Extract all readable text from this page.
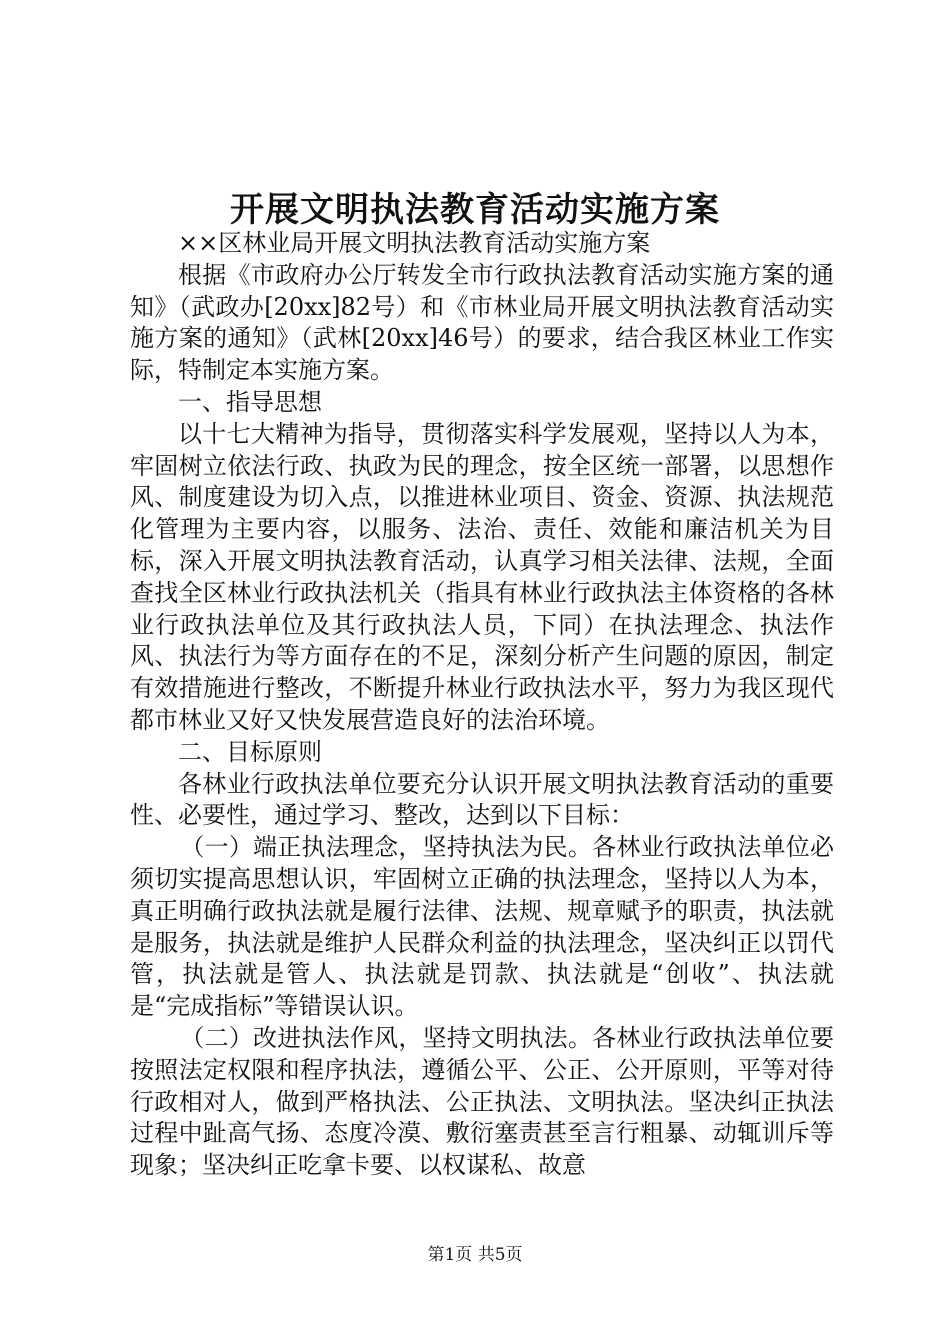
开展文明执法教育活动实施方案

××区林业局开展文明执法教育活动实施方案

根据《市政府办公厅转发全市行政执法教育活动实施方案的通知》（武政办[20xx]82号）和《市林业局开展文明执法教育活动实施方案的通知》（武林[20xx]46号）的要求，结合我区林业工作实际，特制定本实施方案。

一、指导思想

以十七大精神为指导，贯彻落实科学发展观，坚持以人为本，牢固树立依法行政、执政为民的理念，按全区统一部署，以思想作风、制度建设为切入点，以推进林业项目、资金、资源、执法规范化管理为主要内容，以服务、法治、责任、效能和廉洁机关为目标，深入开展文明执法教育活动，认真学习相关法律、法规，全面查找全区林业行政执法机关（指具有林业行政执法主体资格的各林业行政执法单位及其行政执法人员，下同）在执法理念、执法作风、执法行为等方面存在的不足，深刻分析产生问题的原因，制定有效措施进行整改，不断提升林业行政执法水平，努力为我区现代都市林业又好又快发展营造良好的法治环境。

二、目标原则

各林业行政执法单位要充分认识开展文明执法教育活动的重要性、必要性，通过学习、整改，达到以下目标：

（一）端正执法理念，坚持执法为民。各林业行政执法单位必须切实提高思想认识，牢固树立正确的执法理念，坚持以人为本，真正明确行政执法就是履行法律、法规、规章赋予的职责，执法就是服务，执法就是维护人民群众利益的执法理念，坚决纠正以罚代管，执法就是管人、执法就是罚款、执法就是“创收”、执法就是“完成指标”等错误认识。

（二）改进执法作风，坚持文明执法。各林业行政执法单位要按照法定权限和程序执法，遵循公平、公正、公开原则，平等对待行政相对人，做到严格执法、公正执法、文明执法。坚决纠正执法过程中趾高气扬、态度冷漠、敷衍塞责甚至言行粗暴、动辄训斥等现象；坚决纠正吃拿卡要、以权谋私、故意

第1页 共5页
